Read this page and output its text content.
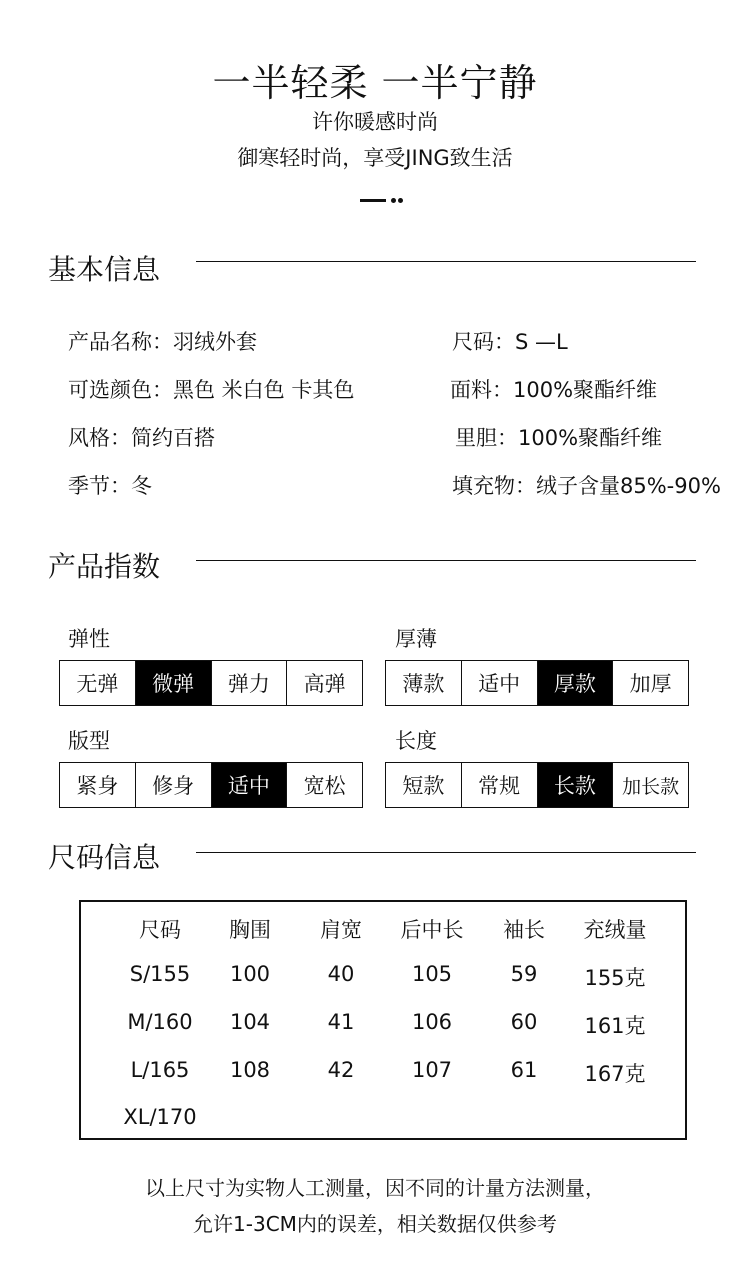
一半轻柔 一半宁静
许你暖感时尚
御寒轻时尚，享受JING致生活
基本信息
产品名称：羽绒外套
可选颜色：黑色 米白色 卡其色
风格：简约百搭
季节：冬
尺码：S —L
面料：100%聚酯纤维
里胆：100%聚酯纤维
填充物：绒子含量85%-90%
产品指数
弹性
无弹	微弹	弹力	高弹
厚薄
薄款	适中	厚款	加厚
版型
紧身	修身	适中	宽松
长度
短款	常规	长款	加长款
尺码信息
尺码	胸围	肩宽	后中长	袖长	充绒量
S/155	100	40	105	59	155克
M/160	104	41	106	60	161克
L/165	108	42	107	61	167克
XL/170
以上尺寸为实物人工测量，因不同的计量方法测量，
允许1-3CM内的误差，相关数据仅供参考
